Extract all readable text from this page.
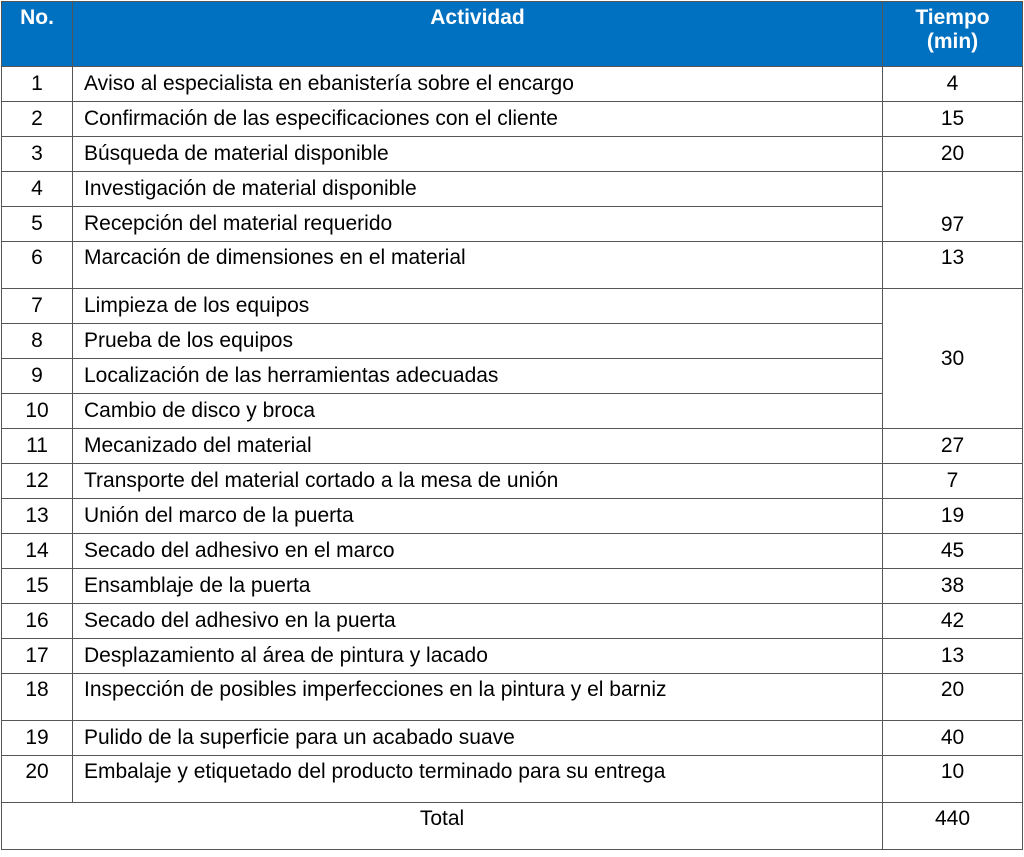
No.	Actividad	Tiempo
(min)
1	Aviso al especialista en ebanistería sobre el encargo	4
2	Confirmación de las especificaciones con el cliente	15
3	Búsqueda de material disponible	20
4	Investigación de material disponible	97
5	Recepción del material requerido	
6	Marcación de dimensiones en el material	13
7	Limpieza de los equipos	30
8	Prueba de los equipos	
9	Localización de las herramientas adecuadas	
10	Cambio de disco y broca	
11	Mecanizado del material	27
12	Transporte del material cortado a la mesa de unión	7
13	Unión del marco de la puerta	19
14	Secado del adhesivo en el marco	45
15	Ensamblaje de la puerta	38
16	Secado del adhesivo en la puerta	42
17	Desplazamiento al área de pintura y lacado	13
18	Inspección de posibles imperfecciones en la pintura y el barniz	20
19	Pulido de la superficie para un acabado suave	40
20	Embalaje y etiquetado del producto terminado para su entrega	10
Total		440
